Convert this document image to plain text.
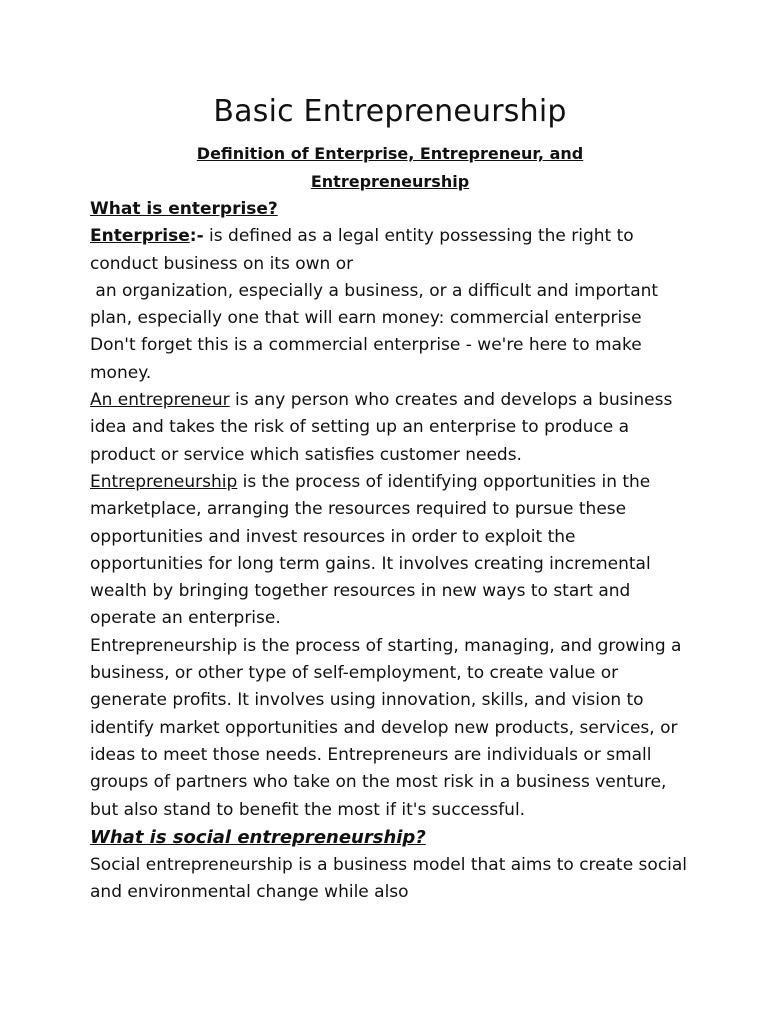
Basic Entrepreneurship
Definition of Enterprise, Entrepreneur, and Entrepreneurship

What is enterprise?

Enterprise:- is defined as a legal entity possessing the right to conduct business on its own or

an organization, especially a business, or a difficult and important plan, especially one that will earn money: commercial enterprise Don't forget this is a commercial enterprise - we're here to make money.

An entrepreneur is any person who creates and develops a business idea and takes the risk of setting up an enterprise to produce a product or service which satisfies customer needs.

Entrepreneurship is the process of identifying opportunities in the marketplace, arranging the resources required to pursue these opportunities and invest resources in order to exploit the opportunities for long term gains. It involves creating incremental wealth by bringing together resources in new ways to start and operate an enterprise.

Entrepreneurship is the process of starting, managing, and growing a business, or other type of self-employment, to create value or generate profits. It involves using innovation, skills, and vision to identify market opportunities and develop new products, services, or ideas to meet those needs. Entrepreneurs are individuals or small groups of partners who take on the most risk in a business venture, but also stand to benefit the most if it's successful.

What is social entrepreneurship?

Social entrepreneurship is a business model that aims to create social and environmental change while also
